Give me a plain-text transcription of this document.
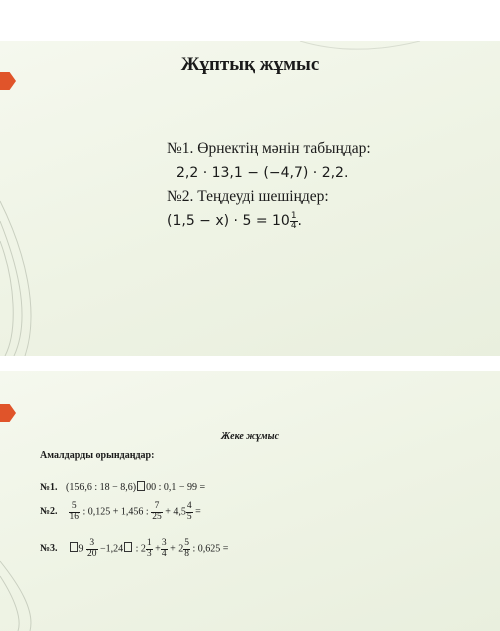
Жұптық жұмыс
№1. Өрнектің мәнін табыңдар:
2,2 · 13,1 − (−4,7) · 2,2.
№2. Теңдеуді шешіңдер:
$(1,5 - x) \cdot 5 = 10 \frac{1}{4}$ .
Жеке жұмыс
Амалдарды орындаңдар:
№1. (156,6 : 18 − 8,6) 00 : 0,1 − 99 =
№2. $\frac{5}{16}$ : 0,125 + 1,456 : $\frac{7}{25} + 4,5 \frac{4}{5}$ =
№3. $9 \frac{3}{20} -1,24$ : $2 \frac{1}{3} + \frac{3}{4} + 2 \frac{5}{8}$ : 0,625 =
